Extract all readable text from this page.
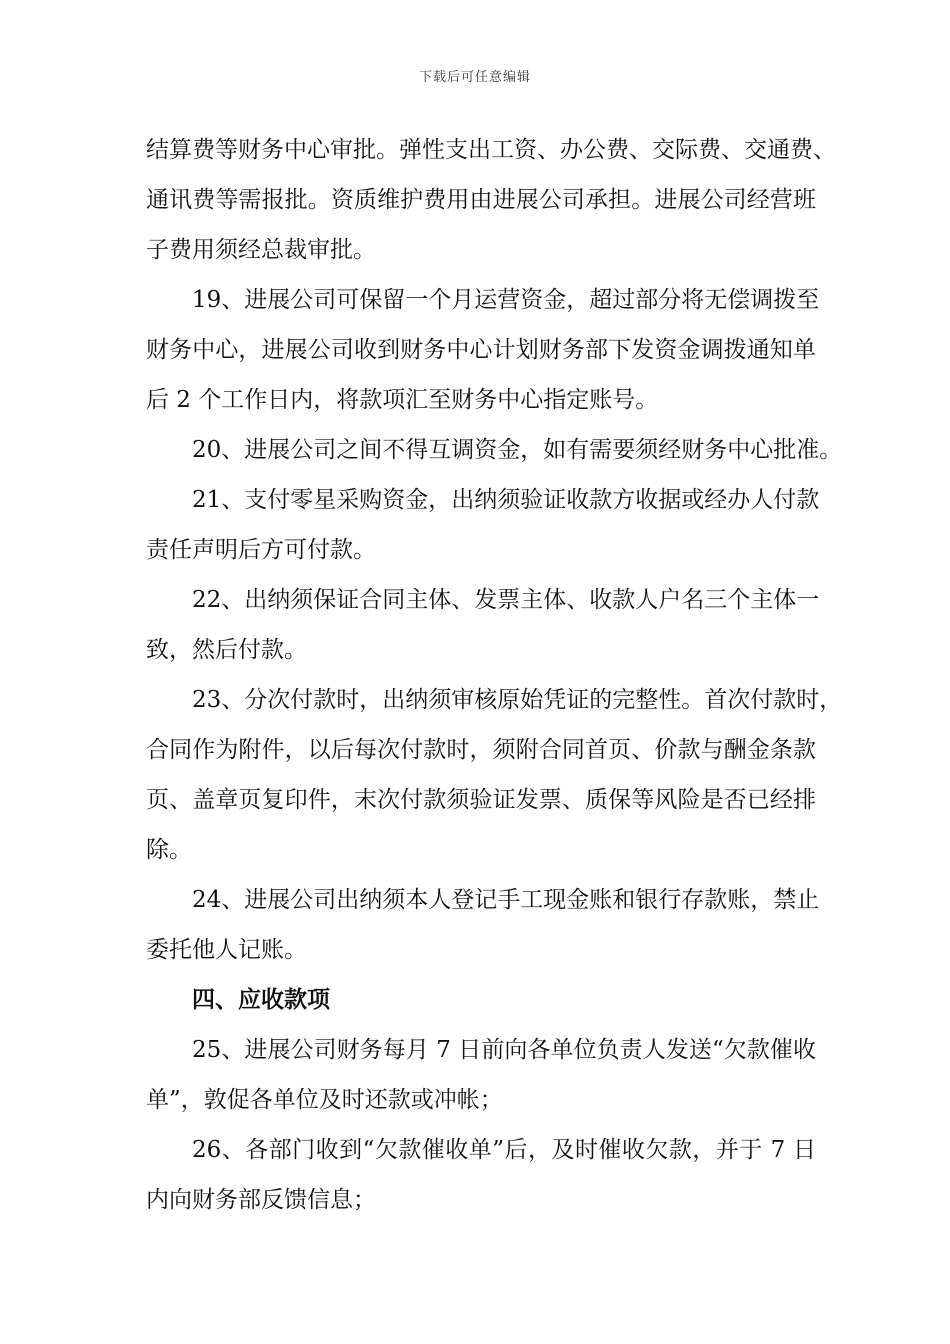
下载后可任意编辑
结算费等财务中心审批。弹性支出工资、办公费、交际费、交通费、
通讯费等需报批。资质维护费用由进展公司承担。进展公司经营班
子费用须经总裁审批。
19、进展公司可保留一个月运营资金，超过部分将无偿调拨至
财务中心，进展公司收到财务中心计划财务部下发资金调拨通知单
后 2 个工作日内，将款项汇至财务中心指定账号。
20、进展公司之间不得互调资金，如有需要须经财务中心批准。
21、支付零星采购资金，出纳须验证收款方收据或经办人付款
责任声明后方可付款。
22、出纳须保证合同主体、发票主体、收款人户名三个主体一
致，然后付款。
23、分次付款时，出纳须审核原始凭证的完整性。首次付款时，
合同作为附件，以后每次付款时，须附合同首页、价款与酬金条款
页、盖章页复印件，末次付款须验证发票、质保等风险是否已经排
除。
24、进展公司出纳须本人登记手工现金账和银行存款账，禁止
委托他人记账。
四、应收款项
25、进展公司财务每月 7 日前向各单位负责人发送“欠款催收
单”，敦促各单位及时还款或冲帐；
26、各部门收到“欠款催收单”后，及时催收欠款，并于 7 日
内向财务部反馈信息；
